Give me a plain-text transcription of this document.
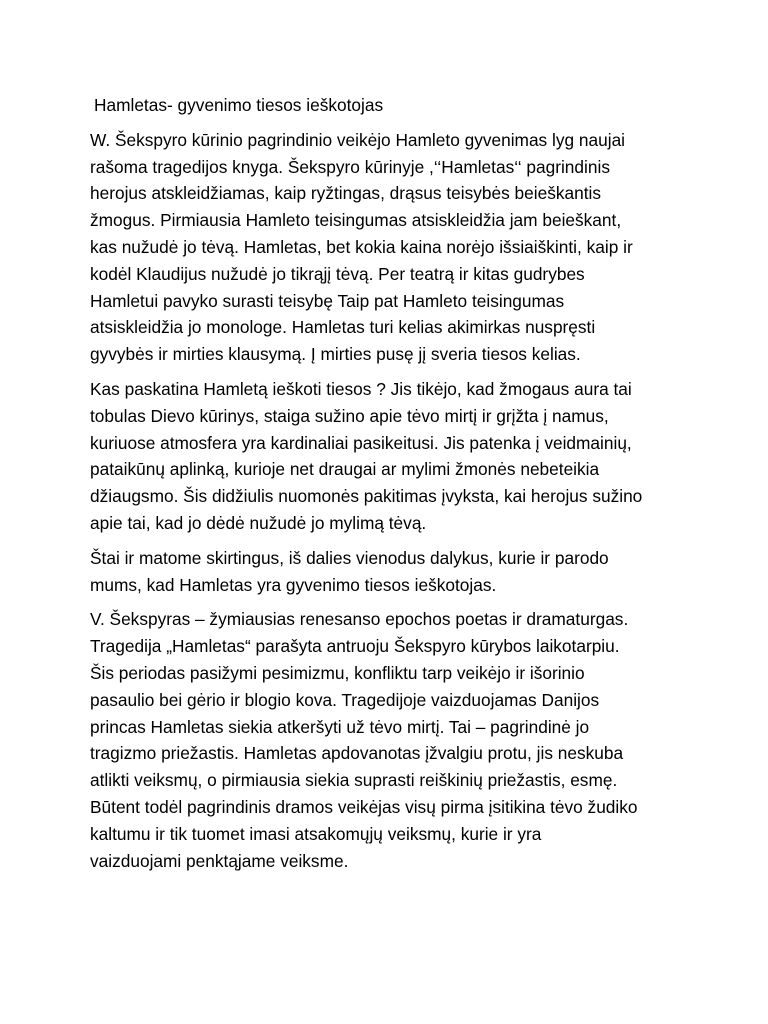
Hamletas- gyvenimo tiesos ieškotojas

W. Šekspyro kūrinio pagrindinio veikėjo Hamleto gyvenimas lyg naujai
rašoma tragedijos knyga. Šekspyro kūrinyje ,‘‘Hamletas‘‘ pagrindinis
herojus atskleidžiamas, kaip ryžtingas, drąsus teisybės beieškantis
žmogus. Pirmiausia Hamleto teisingumas atsiskleidžia jam beieškant,
kas nužudė jo tėvą. Hamletas, bet kokia kaina norėjo išsiaiškinti, kaip ir
kodėl Klaudijus nužudė jo tikrąjį tėvą. Per teatrą ir kitas gudrybes
Hamletui pavyko surasti teisybę Taip pat Hamleto teisingumas
atsiskleidžia jo monologe. Hamletas turi kelias akimirkas nuspręsti
gyvybės ir mirties klausymą. Į mirties pusę jį sveria tiesos kelias.

Kas paskatina Hamletą ieškoti tiesos ? Jis tikėjo, kad žmogaus aura tai
tobulas Dievo kūrinys, staiga sužino apie tėvo mirtį ir grįžta į namus,
kuriuose atmosfera yra kardinaliai pasikeitusi. Jis patenka į veidmainių,
pataikūnų aplinką, kurioje net draugai ar mylimi žmonės nebeteikia
džiaugsmo. Šis didžiulis nuomonės pakitimas įvyksta, kai herojus sužino
apie tai, kad jo dėdė nužudė jo mylimą tėvą.

Štai ir matome skirtingus, iš dalies vienodus dalykus, kurie ir parodo
mums, kad Hamletas yra gyvenimo tiesos ieškotojas.

V. Šekspyras – žymiausias renesanso epochos poetas ir dramaturgas.
Tragedija „Hamletas“ parašyta antruoju Šekspyro kūrybos laikotarpiu.
Šis periodas pasižymi pesimizmu, konfliktu tarp veikėjo ir išorinio
pasaulio bei gėrio ir blogio kova. Tragedijoje vaizduojamas Danijos
princas Hamletas siekia atkeršyti už tėvo mirtį. Tai – pagrindinė jo
tragizmo priežastis. Hamletas apdovanotas įžvalgiu protu, jis neskuba
atlikti veiksmų, o pirmiausia siekia suprasti reiškinių priežastis, esmę.
Būtent todėl pagrindinis dramos veikėjas visų pirma įsitikina tėvo žudiko
kaltumu ir tik tuomet imasi atsakomųjų veiksmų, kurie ir yra
vaizduojami penktąjame veiksme.
